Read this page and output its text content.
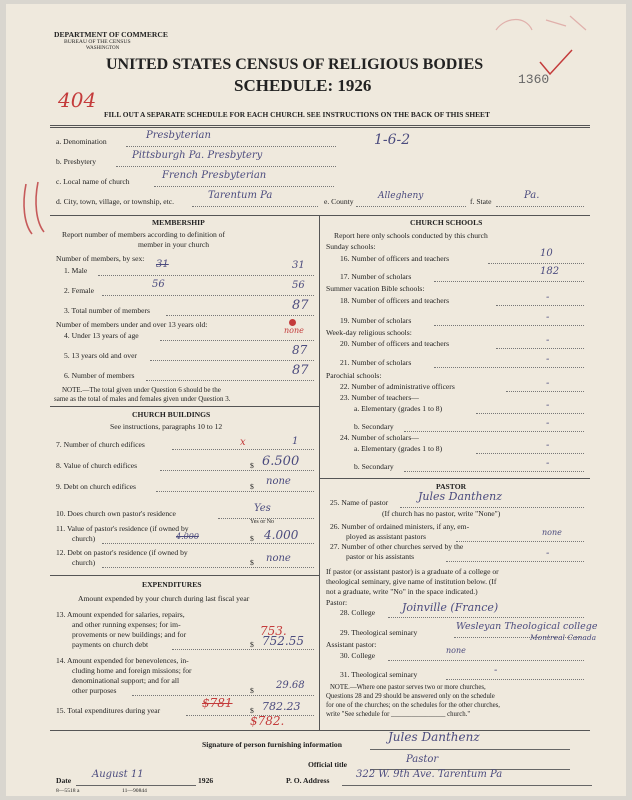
DEPARTMENT OF COMMERCE
BUREAU OF THE CENSUS
WASHINGTON
UNITED STATES CENSUS OF RELIGIOUS BODIES
SCHEDULE: 1926	1360
404
FILL OUT A SEPARATE SCHEDULE FOR EACH CHURCH. SEE INSTRUCTIONS ON THE BACK OF THIS SHEET
a. Denomination
Presbyterian	1-6-2
b. Presbytery
Pittsburgh Pa. Presbytery
c. Local name of church
French Presbyterian
d. City, town, village, or township, etc.
Tarentum Pa
e. County
Allegheny
f. State
Pa.
MEMBERSHIP
Report number of members according to definition of
member in your church
Number of members, by sex:
1. Male
31	31
2. Female
56	56
3. Total number of members	87
Number of members under and over 13 years old:
4. Under 13 years of age
none
5. 13 years old and over	87
6. Number of members	87
NOTE.—The total given under Question 6 should be the
same as the total of males and females given under Question 3.
CHURCH BUILDINGS
See instructions, paragraphs 10 to 12
7. Number of church edifices	x	1
8. Value of church edifices	$ 6.500
9. Debt on church edifices	$ none
10. Does church own pastor's residence	Yes
Yes or No
11. Value of pastor's residence (if owned by
church)	4.000	$ 4.000
12. Debt on pastor's residence (if owned by
church)	$ none
EXPENDITURES
Amount expended by your church during last fiscal year
13. Amount expended for salaries, repairs,
and other running expenses; for im-
provements or new buildings; and for
payments on church debt
753.
$ 752.55
14. Amount expended for benevolences, in-
cluding home and foreign missions; for
denominational support; and for all
other purposes	$ 29.68
15. Total expenditures during year
$781
$ 782.23
$782.
CHURCH SCHOOLS
Report here only schools conducted by this church
Sunday schools:
16. Number of officers and teachers	10
17. Number of scholars	182
Summer vacation Bible schools:
18. Number of officers and teachers	-
19. Number of scholars	-
Week-day religious schools:
20. Number of officers and teachers	-
21. Number of scholars	-
Parochial schools:
22. Number of administrative officers	-
23. Number of teachers—
a. Elementary (grades 1 to 8)	-
b. Secondary	-
24. Number of scholars—
a. Elementary (grades 1 to 8)	-
b. Secondary	-
PASTOR
25. Name of pastor	Jules Danthenz
(If church has no pastor, write "None")
26. Number of ordained ministers, if any, em-
ployed as assistant pastors	none
27. Number of other churches served by the
pastor or his assistants	-
If pastor (or assistant pastor) is a graduate of a college or
theological seminary, give name of institution below. (If
not a graduate, write "No" in the space indicated.)
Pastor:
28. College Joinville (France)
29. Theological seminary
Wesleyan Theological college
Montreal Canada
Assistant pastor:
30. College
none
31. Theological seminary	-
NOTE.—Where one pastor serves two or more churches,
Questions 28 and 29 should be answered only on the schedule
for one of the churches; on the schedules for the other churches,
write "See schedule for ________________ church."
Signature of person furnishing information
Jules Danthenz
Official title	Pastor
Date
August 11
1926	P. O. Address
322 W. 9th Ave. Tarentum Pa
8—5518 a	11—90844
